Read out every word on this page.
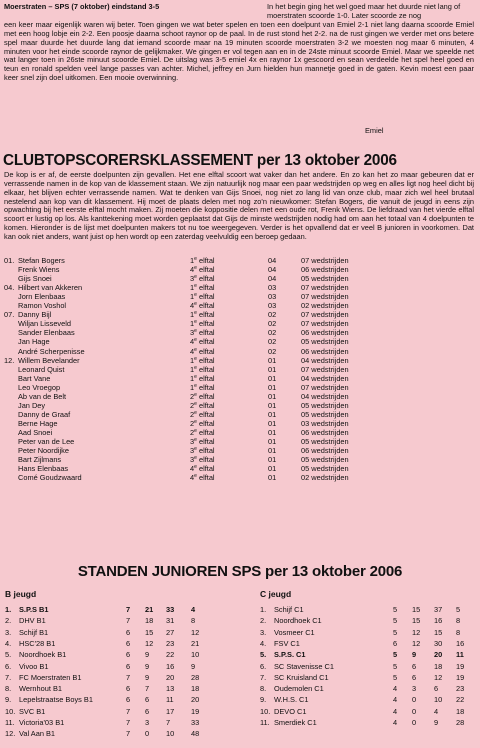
Moerstraten – SPS (7 oktober) eindstand 3-5	In het begin ging het wel goed maar het duurde niet lang of moerstraten scoorde 1-0. Later scoorde ze nog
een keer maar eigenlijk waren wij beter. Toen gingen we wat beter spelen en toen een doelpunt van Emiel 2-1 niet lang daarna scoorde Emiel met een hoog lobje ein 2-2. Een poosje daarna schoot raynor op de paal. In de rust stond het 2-2. na de rust gingen we verder met ons betere spel maar duurde het duurde lang dat iemand scoorde maar na 19 minuten scoorde moerstraten 3-2 we moesten nog maar 6 minuten, 4 minuten voor het einde scoorde raynor de gelijkmaker. We gingen er vol tegen aan en in de 24ste minuut scoorde Emiel. Maar we speelde net wat langer toen in 26ste minuut scoorde Emiel. De uitslag was 3-5 emiel 4x en raynor 1x gescoord en sean verdeelde het spel heel goed en teun en ronald spelden veel lange passes van achter. Michel, jeffrey en Jurn hielden hun mannetje goed in de gaten. Kevin moest een paar keer snel zijn doel uitkomen. Een mooie overwinning.
Emiel
CLUBTOPSCORERSKLASSEMENT per 13 oktober 2006
De kop is er af, de eerste doelpunten zijn gevallen. Het ene elftal scoort wat vaker dan het andere. En zo kan het zo maar gebeuren dat er verrassende namen in de kop van de klassement staan. We zijn natuurlijk nog maar een paar wedstrijden op weg en alles ligt nog heel dicht bij elkaar, het blijven echter verrassende namen. Wat te denken van Gijs Snoei, nog niet zo lang lid van onze club, maar zich wel heel brutaal nestelend aan kop van dit klassement. Hij moet de plaats delen met nog zo'n nieuwkomer: Stefan Bogers, die vanuit de jeugd in eens zijn opwachting bij het eerste elftal mocht maken. Zij moeten die koppositie delen met een oude rot, Frenk Wiens. De liefdraad van het vierde elftal scoort er lustig op los. Als kanttekening moet worden geplaatst dat Gijs de minste wedstrijden nodig had om aan het totaal van 4 doelpunten te komen. Hieronder is de lijst met doelpunten makers tot nu toe weergegeven. Verder is het opvallend dat er veel B junioren in voorkomen. Dat kan ook niet anders, want juist op hen wordt op een zaterdag veelvuldig een beroep gedaan.
01. Stefan Bogers	1e elftal	04	07 wedstrijden
Frenk Wiens	4e elftal	04	06 wedstrijden
Gijs Snoei	3e elftal	04	05 wedstrijden
04. Hilbert van Akkeren	1e elftal	03	07 wedstrijden
Jorn Elenbaas	1e elftal	03	07 wedstrijden
Ramon Voshol	4e elftal	03	02 wedstrijden
07. Danny Bijl	1e elftal	02	07 wedstrijden
Wiljan Lisseveld	1e elftal	02	07 wedstrijden
Sander Elenbaas	3e elftal	02	06 wedstrijden
Jan Hage	4e elftal	02	05 wedstrijden
André Scherpenisse	4e elftal	02	06 wedstrijden
12. Willem Bevelander	1e elftal	01	04 wedstrijden
Leonard Quist	1e elftal	01	07 wedstrijden
Bart Vane	1e elftal	01	04 wedstrijden
Leo Vroegop	1e elftal	01	07 wedstrijden
Ab van de Belt	2e elftal	01	04 wedstrijden
Jan Dey	2e elftal	01	05 wedstrijden
Danny de Graaf	2e elftal	01	05 wedstrijden
Berne Hage	2e elftal	01	03 wedstrijden
Aad Snoei	2e elftal	01	06 wedstrijden
Peter van de Lee	3e elftal	01	05 wedstrijden
Peter Noordijke	3e elftal	01	06 wedstrijden
Bart Zijlmans	3e elftal	01	05 wedstrijden
Hans Elenbaas	4e elftal	01	05 wedstrijden
Comé Goudzwaard	4e elftal	01	02 wedstrijden
STANDEN JUNIOREN SPS per 13 oktober 2006
B jeugd	C jeugd
1. S.P.S B1	7 21 33 4
2. DHV B1	7 18 31 8
3. Schijf B1	6 15 27 12
4. HSC'28 B1	6 12 23 21
5. Noordhoek B1	6 9 22 10
6. Vivoo B1	6 9 16 9
7. FC Moerstraten B1	7 9 20 28
8. Wernhout B1	6 7 13 18
9. Lepelstraatse Boys B1	6 6 11 20
10. SVC B1	7 6 17 19
11. Victoria'03 B1	7 3 7	33
12. Val Aan B1	7 0 10 48
1. Schijf C1	5 15 37 5
2. Noordhoek C1	5 15 16 8
3. Vosmeer C1	5 12 15 8
4. FSV C1	6 12 30 16
5. S.P.S. C1	5 9 20 11
6. SC Stavenisse C1	5 6 18 19
7. SC Kruisland C1	5 6 12 19
8. Oudemolen C1	4 3 6 23
9. W.H.S. C1	4 0 10 22
10. DEVO C1	4 0 4 18
11. Smerdiek C1	4 0 9 28
